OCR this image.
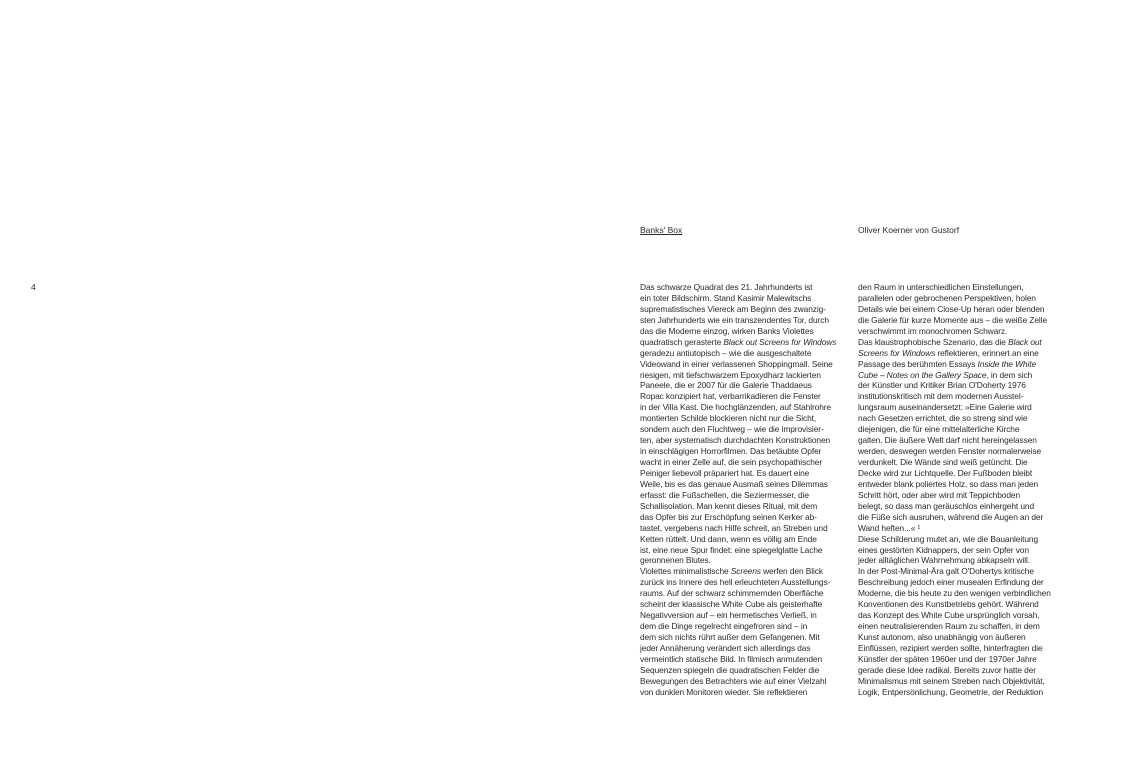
4
Banks' Box	Oliver Koerner von Gustorf
Das schwarze Quadrat des 21. Jahrhunderts ist
ein toter Bildschirm. Stand Kasimir Malewitschs
suprematistisches Viereck am Beginn des zwanzig-
sten Jahrhunderts wie ein transzendentes Tor, durch
das die Moderne einzog, wirken Banks Violettes
quadratisch gerasterte Black out Screens for Windows
geradezu antiutopisch – wie die ausgeschaltete
Videowand in einer verlassenen Shoppingmall. Seine
riesigen, mit tiefschwarzem Epoxydharz lackierten
Paneele, die er 2007 für die Galerie Thaddaeus
Ropac konzipiert hat, verbarrikadieren die Fenster
in der Villa Kast. Die hochglänzenden, auf Stahlrohre
montierten Schilde blockieren nicht nur die Sicht,
sondern auch den Fluchtweg – wie die improvisier-
ten, aber systematisch durchdachten Konstruktionen
in einschlägigen Horrorfilmen. Das betäubte Opfer
wacht in einer Zelle auf, die sein psychopathischer
Peiniger liebevoll präpariert hat. Es dauert eine
Weile, bis es das genaue Ausmaß seines Dilemmas
erfasst: die Fußschellen, die Seziermesser, die
Schallisolation. Man kennt dieses Ritual, mit dem
das Opfer bis zur Erschöpfung seinen Kerker ab-
tastet, vergebens nach Hilfe schreit, an Streben und
Ketten rüttelt. Und dann, wenn es völlig am Ende
ist, eine neue Spur findet: eine spiegelglatte Lache
geronnenen Blutes.
Violettes minimalistische Screens werfen den Blick
zurück ins Innere des hell erleuchteten Ausstellungs-
raums. Auf der schwarz schimmernden Oberfläche
scheint der klassische White Cube als geisterhafte
Negativversion auf – ein hermetisches Verließ, in
dem die Dinge regelrecht eingefroren sind – in
dem sich nichts rührt außer dem Gefangenen. Mit
jeder Annäherung verändert sich allerdings das
vermeintlich statische Bild. In filmisch anmutenden
Sequenzen spiegeln die quadratischen Felder die
Bewegungen des Betrachters wie auf einer Vielzahl
von dunklen Monitoren wieder. Sie reflektieren
den Raum in unterschiedlichen Einstellungen,
parallelen oder gebrochenen Perspektiven, holen
Details wie bei einem Close-Up heran oder blenden
die Galerie für kurze Momente aus – die weiße Zelle
verschwimmt im monochromen Schwarz.
Das klaustrophobische Szenario, das die Black out
Screens for Windows reflektieren, erinnert an eine
Passage des berühmten Essays Inside the White
Cube – Notes on the Gallery Space, in dem sich
der Künstler und Kritiker Brian O'Doherty 1976
institutionskritisch mit dem modernen Ausstel-
lungsraum auseinandersetzt: »Eine Galerie wird
nach Gesetzen errichtet, die so streng sind wie
diejenigen, die für eine mittelalterliche Kirche
galten. Die äußere Welt darf nicht hereingelassen
werden, deswegen werden Fenster normalerweise
verdunkelt. Die Wände sind weiß getüncht. Die
Decke wird zur Lichtquelle. Der Fußboden bleibt
entweder blank poliertes Holz, so dass man jeden
Schritt hört, oder aber wird mit Teppichboden
belegt, so dass man geräuschlos einhergeht und
die Füße sich ausruhen, während die Augen an der
Wand heften...« ¹
Diese Schilderung mutet an, wie die Bauanleitung
eines gestörten Kidnappers, der sein Opfer von
jeder alltäglichen Wahrnehmung abkapseln will.
In der Post-Minimal-Ära galt O'Dohertys kritische
Beschreibung jedoch einer musealen Erfindung der
Moderne, die bis heute zu den wenigen verbindlichen
Konventionen des Kunstbetriebs gehört. Während
das Konzept des White Cube ursprünglich vorsah,
einen neutralisierenden Raum zu schaffen, in dem
Kunst autonom, also unabhängig von äußeren
Einflüssen, rezipiert werden sollte, hinterfragten die
Künstler der späten 1960er und der 1970er Jahre
gerade diese Idee radikal. Bereits zuvor hatte der
Minimalismus mit seinem Streben nach Objektivität,
Logik, Entpersönlichung, Geometrie, der Reduktion
